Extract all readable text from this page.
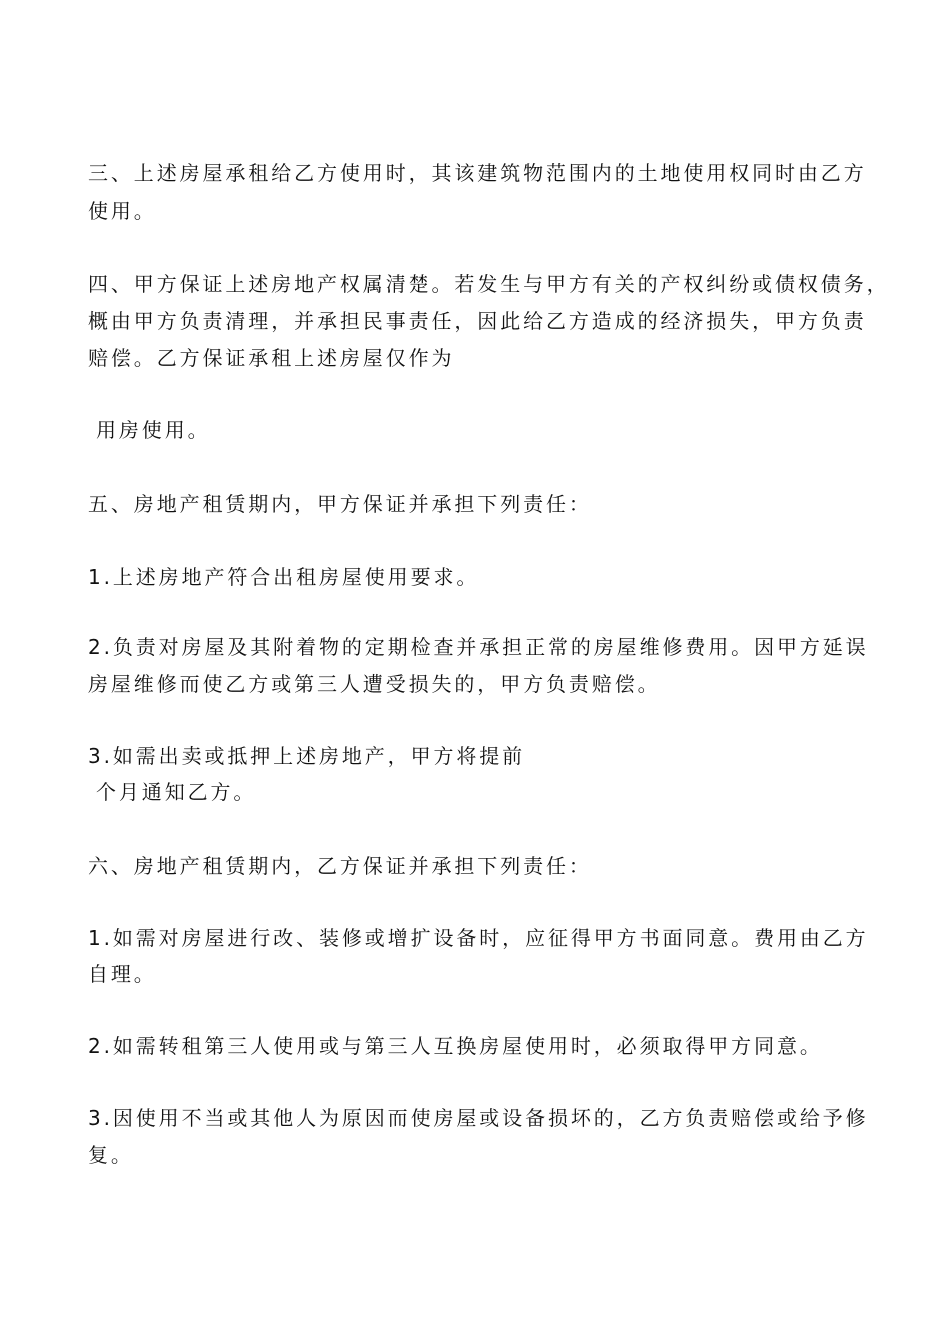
三、上述房屋承租给乙方使用时，其该建筑物范围内的土地使用权同时由乙方
使用。
四、甲方保证上述房地产权属清楚。若发生与甲方有关的产权纠纷或债权债务，
概由甲方负责清理，并承担民事责任，因此给乙方造成的经济损失，甲方负责
赔偿。乙方保证承租上述房屋仅作为
用房使用。
五、房地产租赁期内，甲方保证并承担下列责任：
1.上述房地产符合出租房屋使用要求。
2.负责对房屋及其附着物的定期检查并承担正常的房屋维修费用。因甲方延误
房屋维修而使乙方或第三人遭受损失的，甲方负责赔偿。
3.如需出卖或抵押上述房地产，甲方将提前
个月通知乙方。
六、房地产租赁期内，乙方保证并承担下列责任：
1.如需对房屋进行改、装修或增扩设备时，应征得甲方书面同意。费用由乙方
自理。
2.如需转租第三人使用或与第三人互换房屋使用时，必须取得甲方同意。
3.因使用不当或其他人为原因而使房屋或设备损坏的，乙方负责赔偿或给予修
复。
